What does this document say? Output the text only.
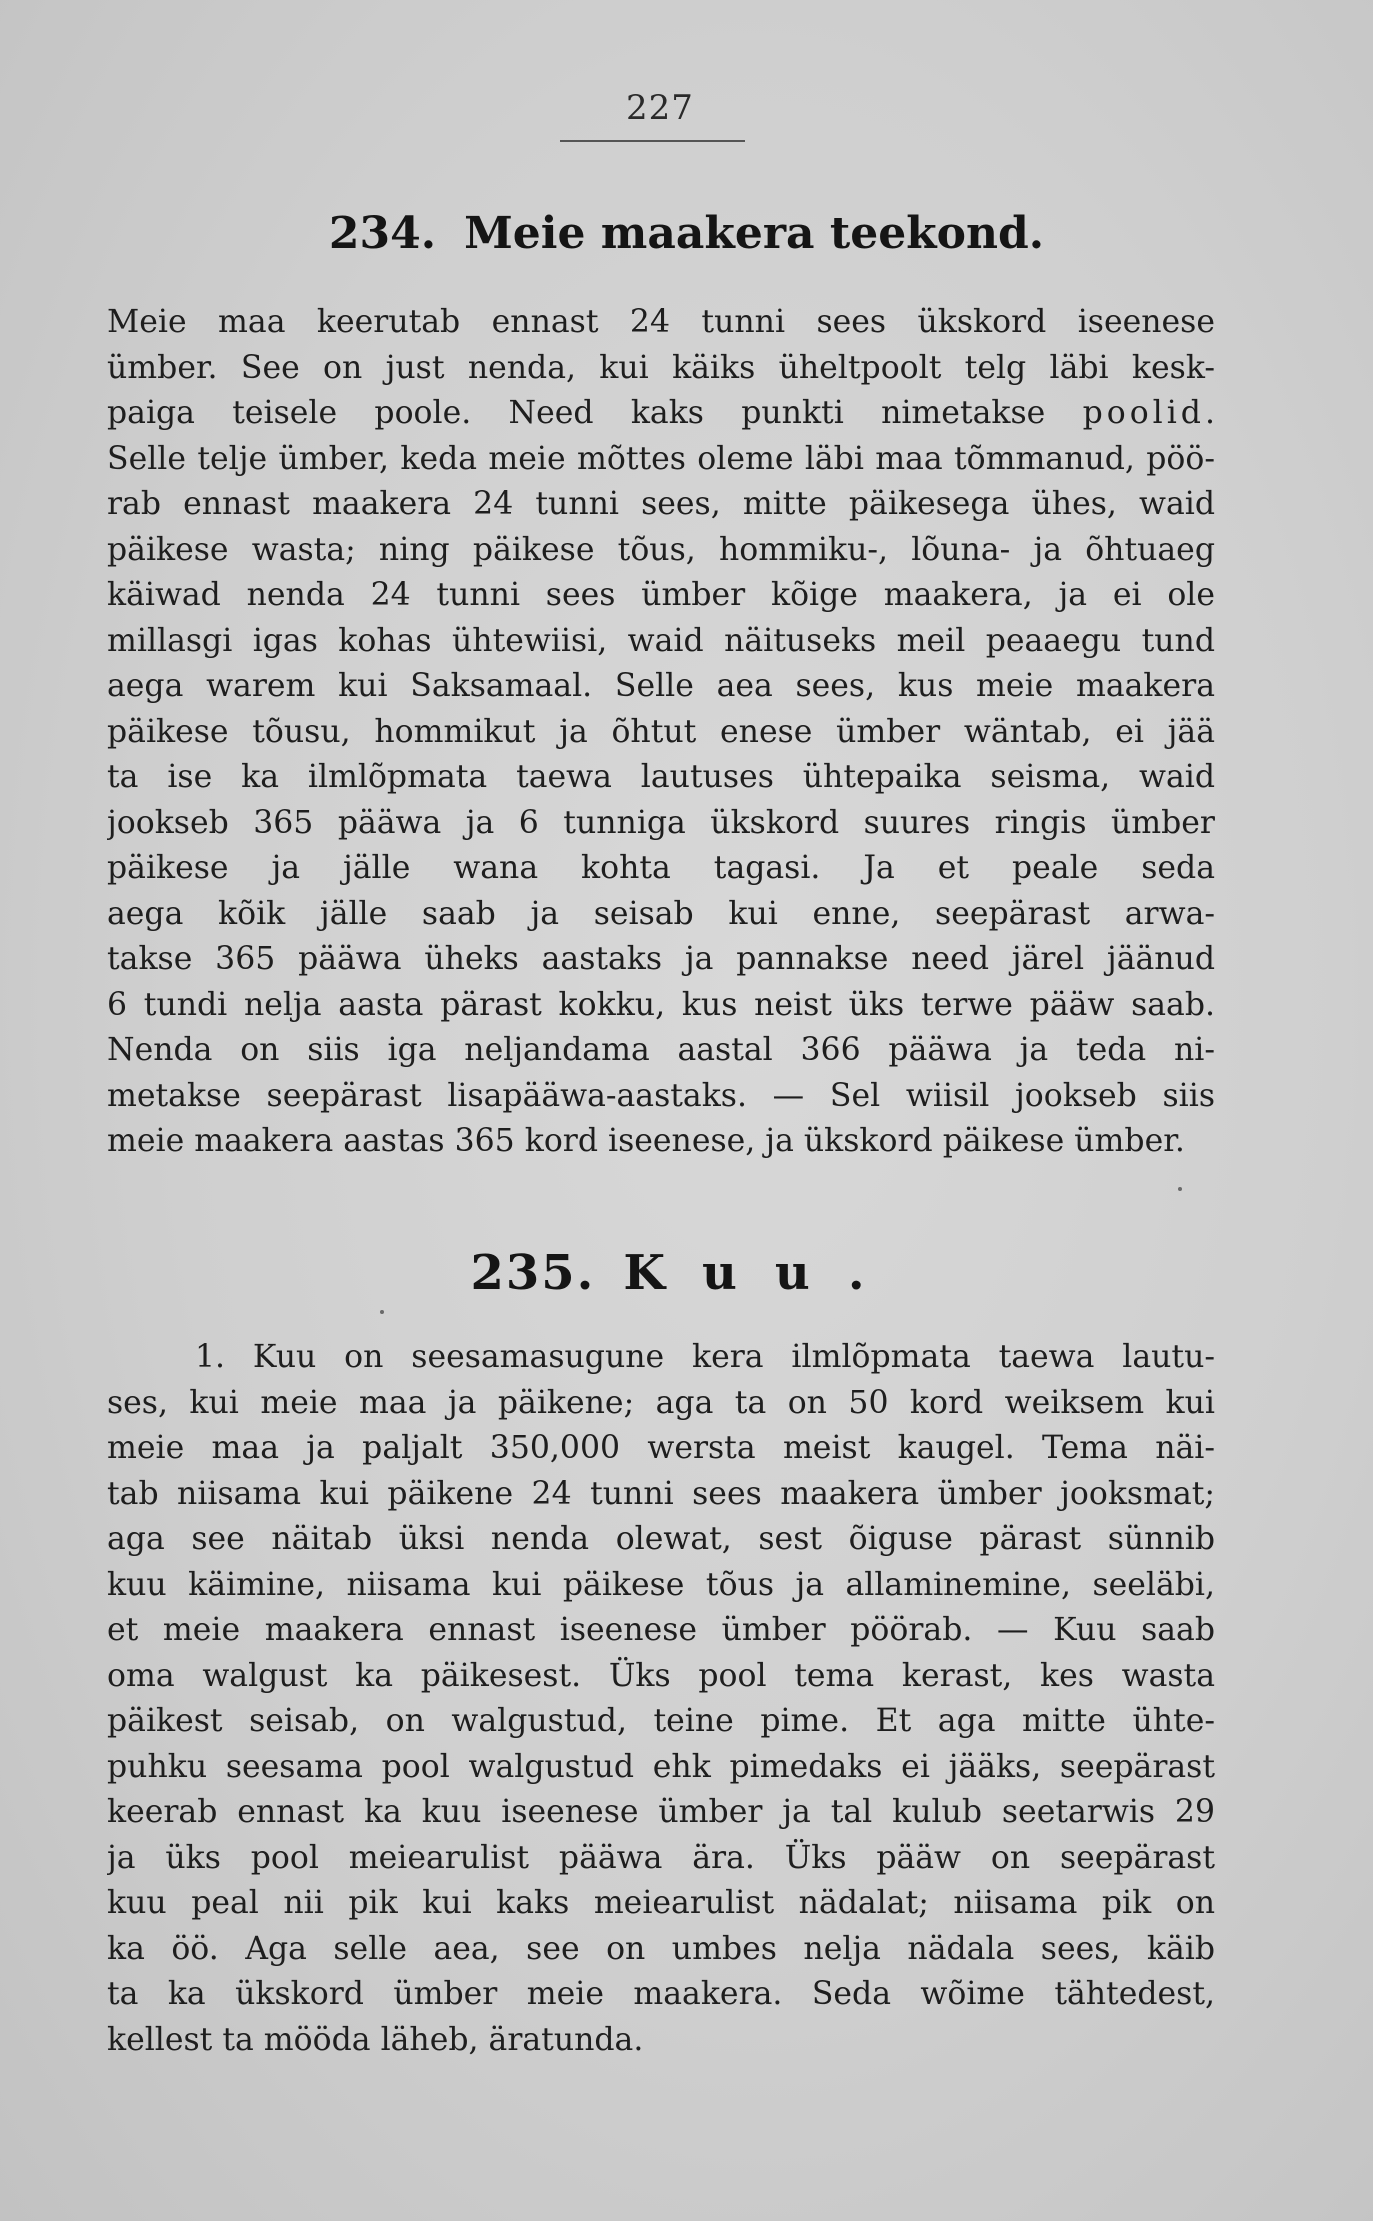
227
234. Meie maakera teekond.
Meie maa keerutab ennast 24 tunni sees ükskord iseenese
ümber. See on just nenda, kui käiks üheltpoolt telg läbi kesk-
paiga teisele poole. Need kaks punkti nimetakse poolid.
Selle telje ümber, keda meie mõttes oleme läbi maa tõmmanud, pöö-
rab ennast maakera 24 tunni sees, mitte päikesega ühes, waid
päikese wasta; ning päikese tõus, hommiku-, lõuna- ja õhtuaeg
käiwad nenda 24 tunni sees ümber kõige maakera, ja ei ole
millasgi igas kohas ühtewiisi, waid näituseks meil peaaegu tund
aega warem kui Saksamaal. Selle aea sees, kus meie maakera
päikese tõusu, hommikut ja õhtut enese ümber wäntab, ei jää
ta ise ka ilmlõpmata taewa lautuses ühtepaika seisma, waid
jookseb 365 pääwa ja 6 tunniga ükskord suures ringis ümber
päikese ja jälle wana kohta tagasi. Ja et peale seda
aega kõik jälle saab ja seisab kui enne, seepärast arwa-
takse 365 pääwa üheks aastaks ja pannakse need järel jäänud
6 tundi nelja aasta pärast kokku, kus neist üks terwe pääw saab.
Nenda on siis iga neljandama aastal 366 pääwa ja teda ni-
metakse seepärast lisapääwa-aastaks. — Sel wiisil jookseb siis
meie maakera aastas 365 kord iseenese, ja ükskord päikese ümber.
235. Kuu.
1. Kuu on seesamasugune kera ilmlõpmata taewa lautu-
ses, kui meie maa ja päikene; aga ta on 50 kord weiksem kui
meie maa ja paljalt 350,000 wersta meist kaugel. Tema näi-
tab niisama kui päikene 24 tunni sees maakera ümber jooksmat;
aga see näitab üksi nenda olewat, sest õiguse pärast sünnib
kuu käimine, niisama kui päikese tõus ja allaminemine, seeläbi,
et meie maakera ennast iseenese ümber pöörab. — Kuu saab
oma walgust ka päikesest. Üks pool tema kerast, kes wasta
päikest seisab, on walgustud, teine pime. Et aga mitte ühte-
puhku seesama pool walgustud ehk pimedaks ei jääks, seepärast
keerab ennast ka kuu iseenese ümber ja tal kulub seetarwis 29
ja üks pool meiearulist pääwa ära. Üks pääw on seepärast
kuu peal nii pik kui kaks meiearulist nädalat; niisama pik on
ka öö. Aga selle aea, see on umbes nelja nädala sees, käib
ta ka ükskord ümber meie maakera. Seda wõime tähtedest,
kellest ta mööda läheb, äratunda.
